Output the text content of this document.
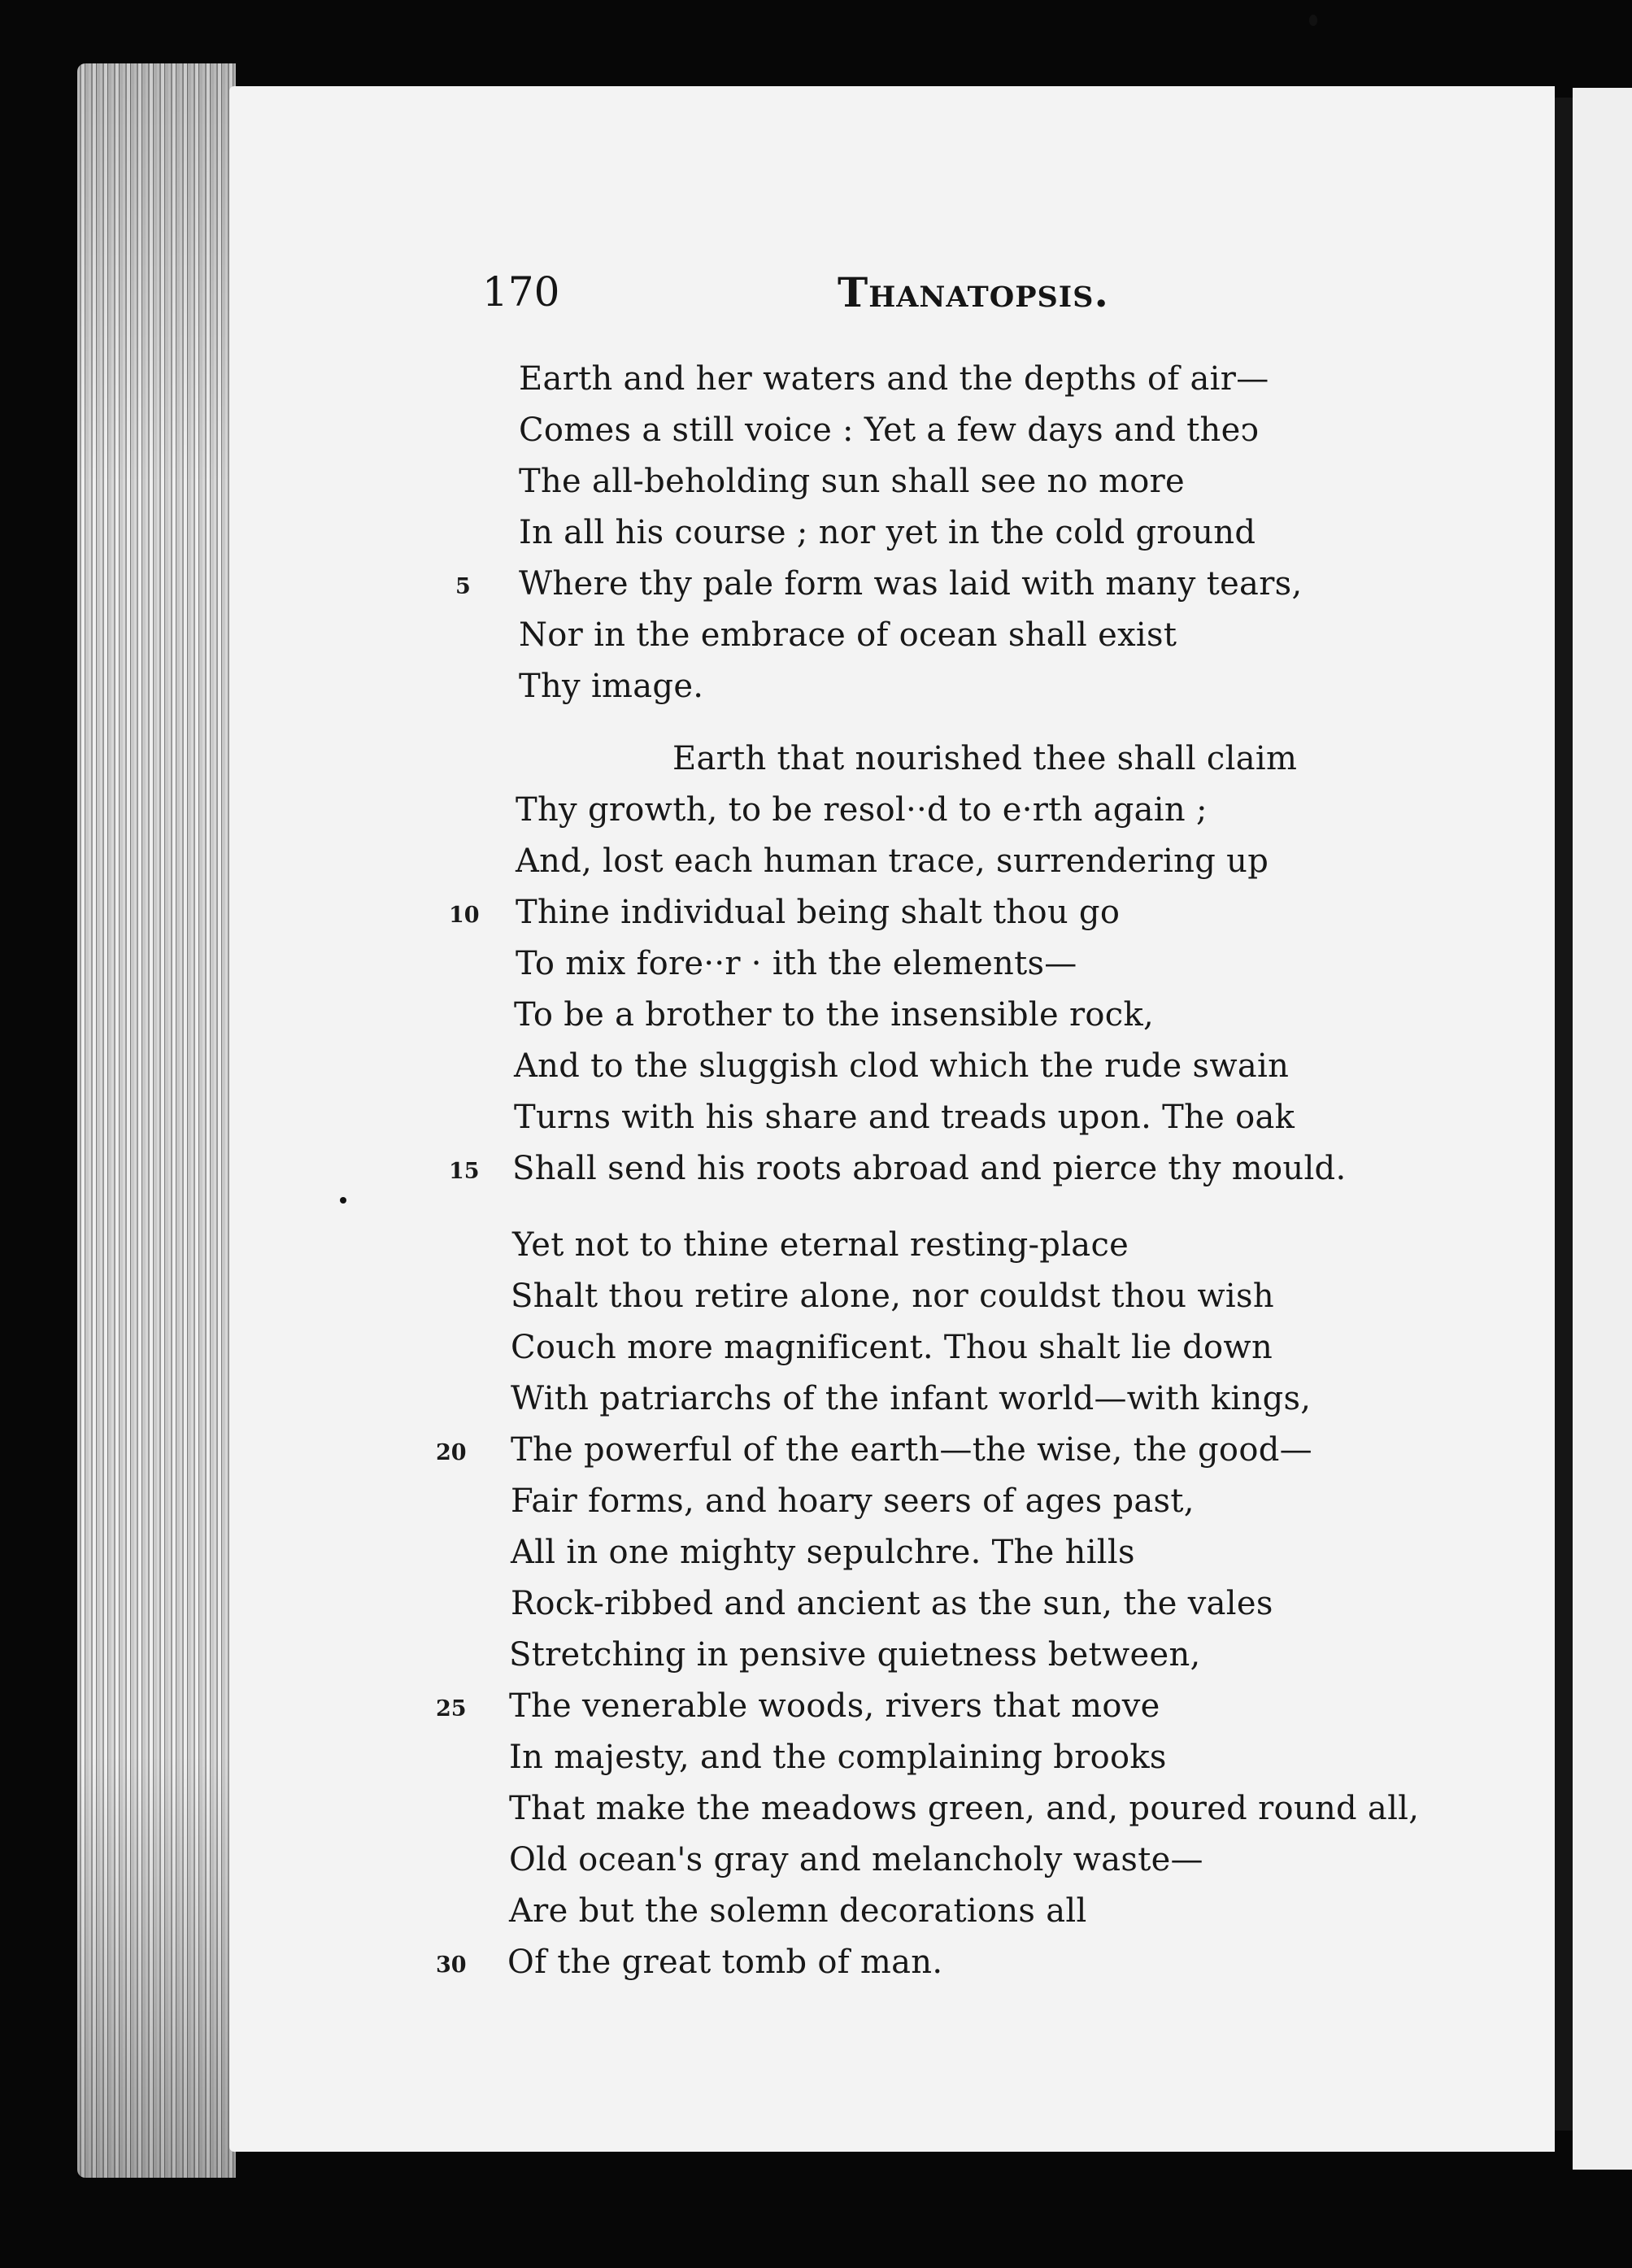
170	Thanatopsis.
Earth and her waters and the depths of air—
Comes a still voice : Yet a few days and theↄ
The all-beholding sun shall see no more
In all his course ; nor yet in the cold ground
Where thy pale form was laid with many tears,
Nor in the embrace of ocean shall exist
Thy image.
Earth that nourished thee shall claim
Thy growth, to be resol··d to e·rth again ;
And, lost each human trace, surrendering up
Thine individual being shalt thou go
To mix fore··r · ith the elements—
To be a brother to the insensible rock,
And to the sluggish clod which the rude swain
Turns with his share and treads upon. The oak
Shall send his roots abroad and pierce thy mould.
Yet not to thine eternal resting-place
Shalt thou retire alone, nor couldst thou wish
Couch more magnificent. Thou shalt lie down
With patriarchs of the infant world—with kings,
The powerful of the earth—the wise, the good—
Fair forms, and hoary seers of ages past,
All in one mighty sepulchre. The hills
Rock-ribbed and ancient as the sun, the vales
Stretching in pensive quietness between,
The venerable woods, rivers that move
In majesty, and the complaining brooks
That make the meadows green, and, poured round all,
Old ocean's gray and melancholy waste—
Are but the solemn decorations all
Of the great tomb of man.
5
10
15
20
25
30
